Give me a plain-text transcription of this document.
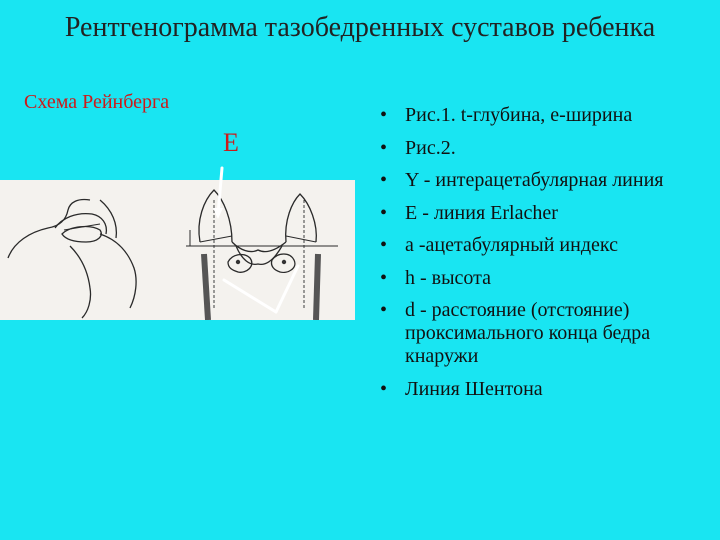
Рентгенограмма тазобедренных суставов ребенка
Схема Рейнберга
E
• Рис.1. t-глубина, е-ширина
• Рис.2.
• Y - интерацетабулярная линия
• Е - линия Erlacher
• а -ацетабулярный индекс
• h - высота
• d - расстояние (отстояние) проксимального конца бедра кнаружи
• Линия Шентона
